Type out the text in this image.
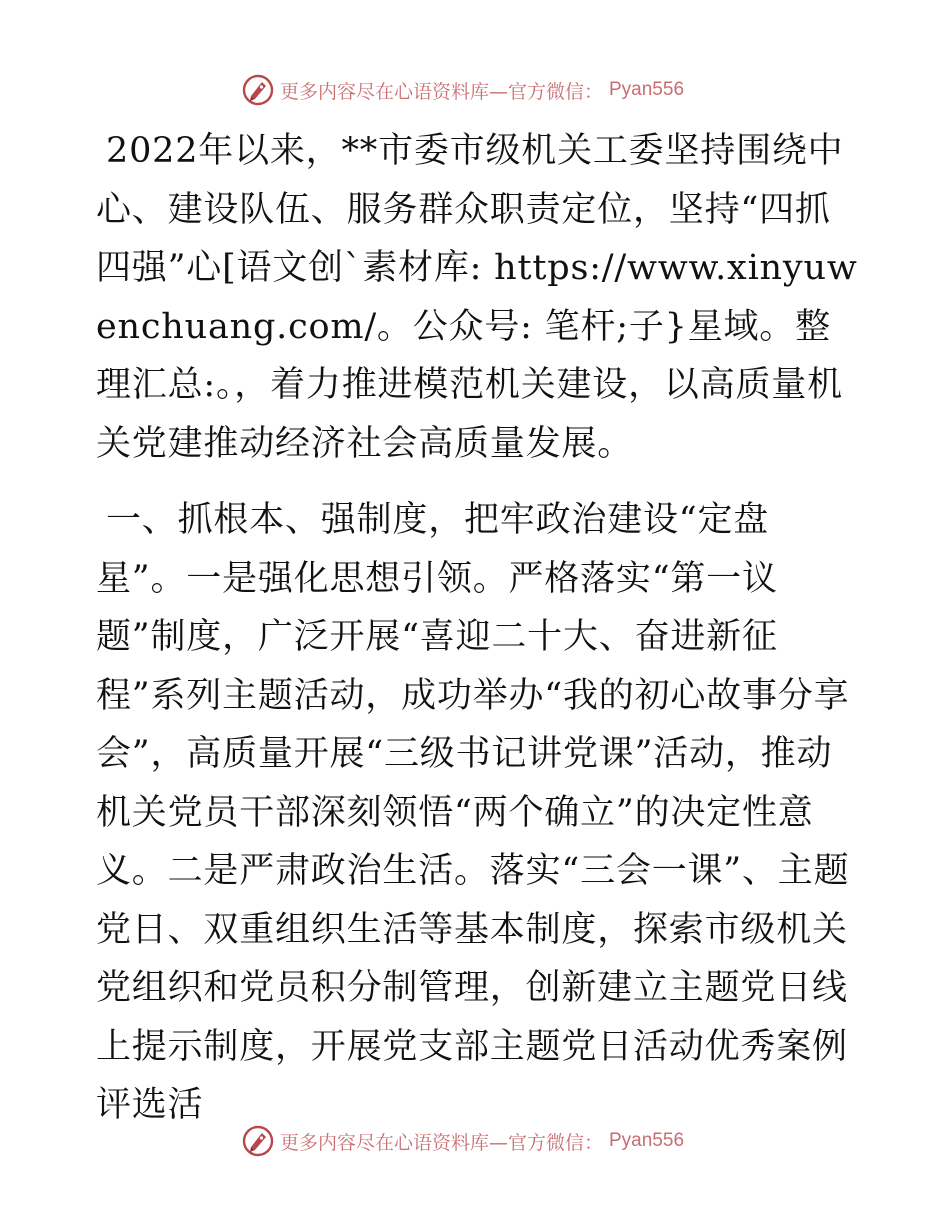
更多内容尽在心语资料库—官方微信： Pyan556

2022年以来，**市委市级机关工委坚持围绕中心、建设队伍、服务群众职责定位，坚持“四抓四强”心[语文创`素材库: https://www.xinyuwenchuang.com/。公众号: 笔杆;子}星域。整理汇总:。，着力推进模范机关建设，以高质量机关党建推动经济社会高质量发展。

一、抓根本、强制度，把牢政治建设“定盘星”。一是强化思想引领。严格落实“第一议题”制度，广泛开展“喜迎二十大、奋进新征程”系列主题活动，成功举办“我的初心故事分享会”，高质量开展“三级书记讲党课”活动，推动机关党员干部深刻领悟“两个确立”的决定性意义。二是严肃政治生活。落实“三会一课”、主题党日、双重组织生活等基本制度，探索市级机关党组织和党员积分制管理，创新建立主题党日线上提示制度，开展党支部主题党日活动优秀案例评选活

更多内容尽在心语资料库—官方微信： Pyan556
